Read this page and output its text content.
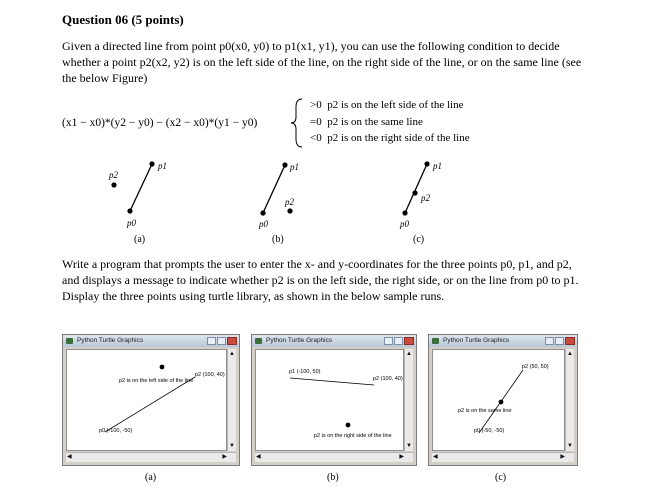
Question 06 (5 points)
Given a directed line from point p0(x0, y0) to p1(x1, y1), you can use the following condition to decide whether a point p2(x2, y2) is on the left side of the line, on the right side of the line, or on the same line (see the below Figure)
(x1 − x0)*(y2 − y0) − (x2 − x0)*(y1 − y0)
>0 p2 is on the left side of the line
=0 p2 is on the same line
<0 p2 is on the right side of the line
p1
p2
p0
(a)
p1
p2
p0
(b)
p1
p2
p0
(c)
Write a program that prompts the user to enter the x- and y-coordinates for the three points p0, p1, and p2, and displays a message to indicate whether p2 is on the left side, the right side, or on the line from p0 to p1. Display the three points using turtle library, as shown in the below sample runs.
Python Turtle Graphics
p2 is on the left side of the line
p2 (100, 40)
p0 (-100, -50)
▲
▼
◀	▶
(a)
Python Turtle Graphics
p1 (-100, 50)
p2 (100, 40)
p2 is on the right side of the line
▲
▼
◀	▶
(b)
Python Turtle Graphics
p2 (50, 50)
p2 is on the same line
p0 (-50, -50)
▲
▼
◀	▶
(c)
